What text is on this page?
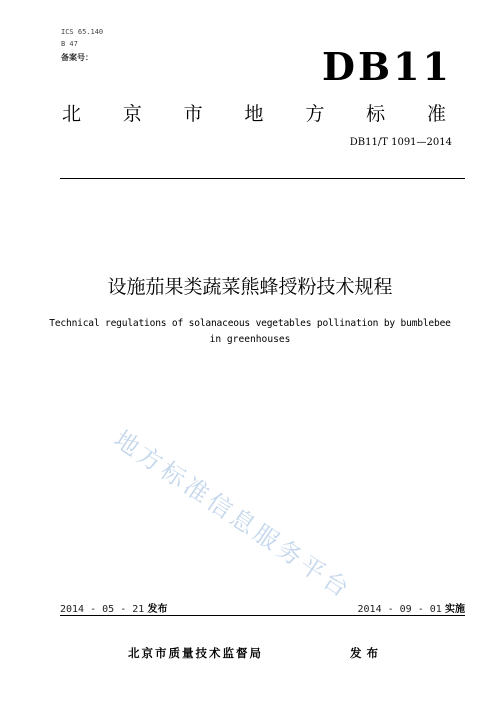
ICS 65.140
B 47
备案号：	DB11
北 京 市 地 方 标 准
DB11/T 1091—2014
设施茄果类蔬菜熊蜂授粉技术规程
Technical regulations of solanaceous vegetables pollination by bumblebee
in greenhouses
地方标准信息服务平台
2014 - 05 - 21 发布	2014 - 09 - 01 实施
北京市质量技术监督局	发布
